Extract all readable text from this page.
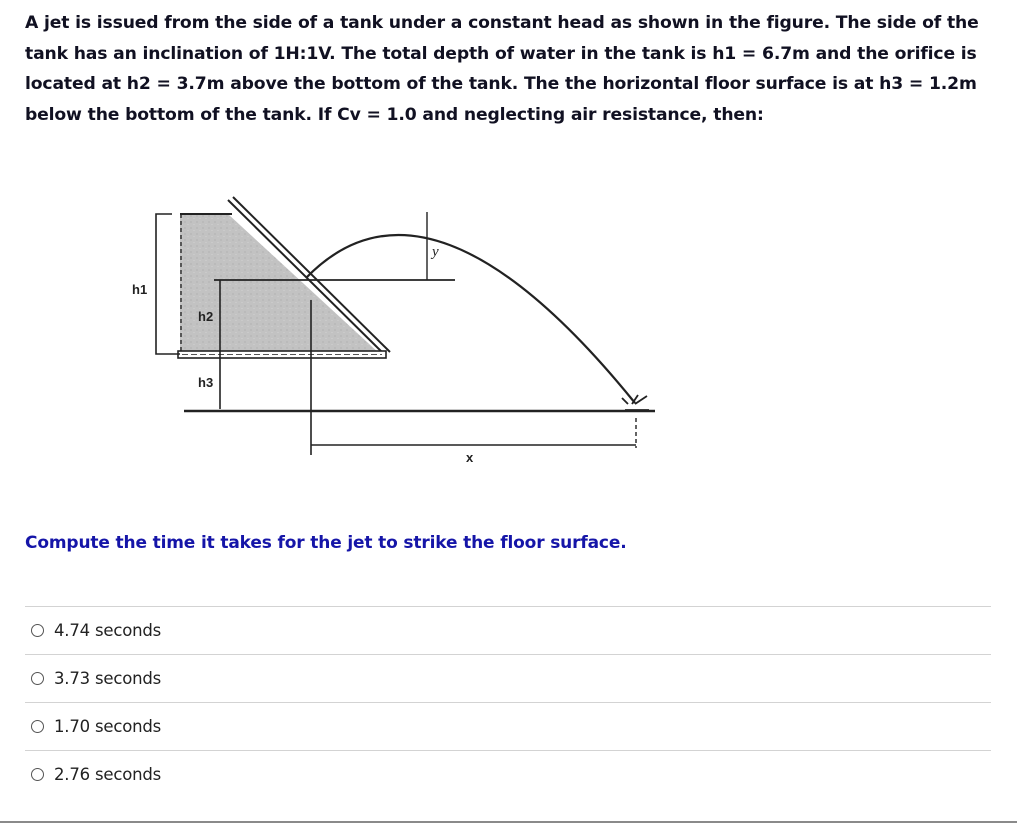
A jet is issued from the side of a tank under a constant head as shown in the figure. The side of the tank has an inclination of 1H:1V. The total depth of water in the tank is h1 = 6.7m and the orifice is located at h2 = 3.7m above the bottom of the tank. The the horizontal floor surface is at h3 = 1.2m below the bottom of the tank. If Cv = 1.0 and neglecting air resistance, then:
h1
h2
h3
y
x
Compute the time it takes for the jet to strike the floor surface.
4.74 seconds
3.73 seconds
1.70 seconds
2.76 seconds
